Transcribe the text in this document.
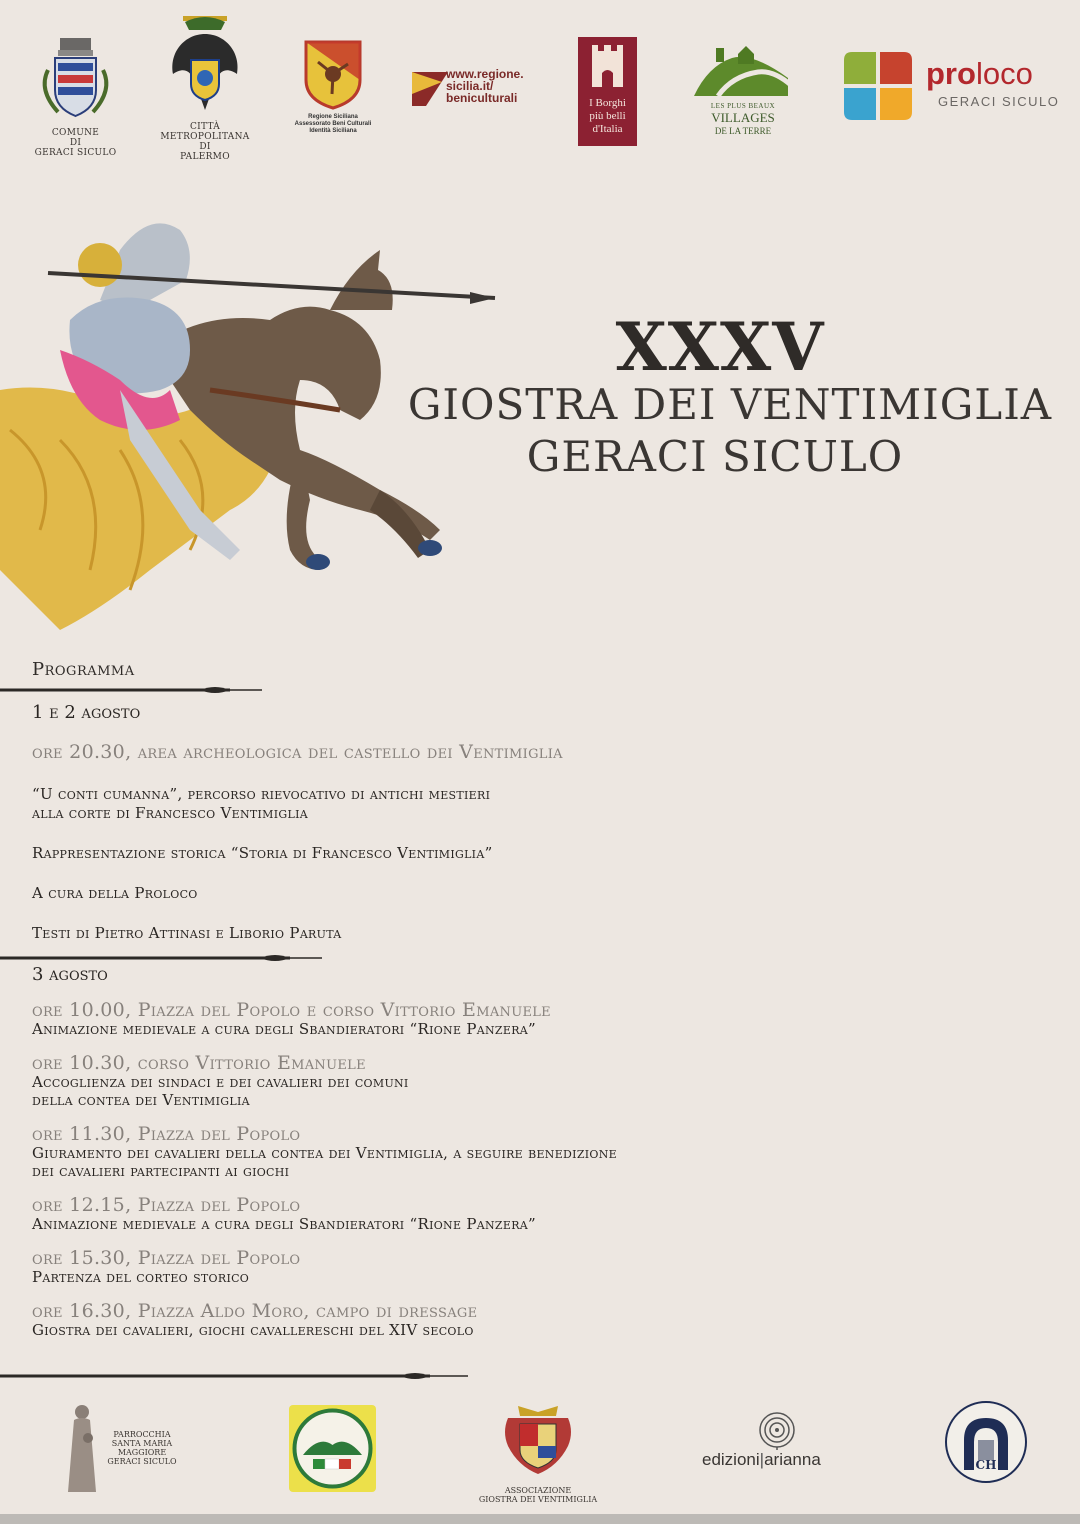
COMUNE
DI
GERACI SICULO
CITTÀ
METROPOLITANA
DI
PALERMO
Regione Siciliana
Assessorato Beni Culturali
Identità Siciliana
www.regione.
sicilia.it/
beniculturali	I Borghi
più belli
d'Italia
LES PLUS BEAUX
VILLAGES
DE LA TERRE
proloco
GERACI SICULO
XXXV
GIOSTRA DEI VENTIMIGLIA
GERACI SICULO
Programma
1 e 2 agosto
ore 20.30, area archeologica del castello dei Ventimiglia
“U conti cumanna”, percorso rievocativo di antichi mestieri
alla corte di Francesco Ventimiglia
Rappresentazione storica “Storia di Francesco Ventimiglia”
A cura della Proloco
Testi di Pietro Attinasi e Liborio Paruta
3 agosto
ore 10.00, Piazza del Popolo e corso Vittorio Emanuele
Animazione medievale a cura degli Sbandieratori “Rione Panzera”
ore 10.30, corso Vittorio Emanuele
Accoglienza dei sindaci e dei cavalieri dei comuni
della contea dei Ventimiglia
ore 11.30, Piazza del Popolo
Giuramento dei cavalieri della contea dei Ventimiglia, a seguire benedizione
dei cavalieri partecipanti ai giochi
ore 12.15, Piazza del Popolo
Animazione medievale a cura degli Sbandieratori “Rione Panzera”
ore 15.30, Piazza del Popolo
Partenza del corteo storico
ore 16.30, Piazza Aldo Moro, campo di dressage
Giostra dei cavalieri, giochi cavallereschi del XIV secolo
PARROCCHIA
SANTA MARIA
MAGGIORE
GERACI SICULO
ASSOCIAZIONE
GIOSTRA DEI VENTIMIGLIA
edizioni|arianna	CH
